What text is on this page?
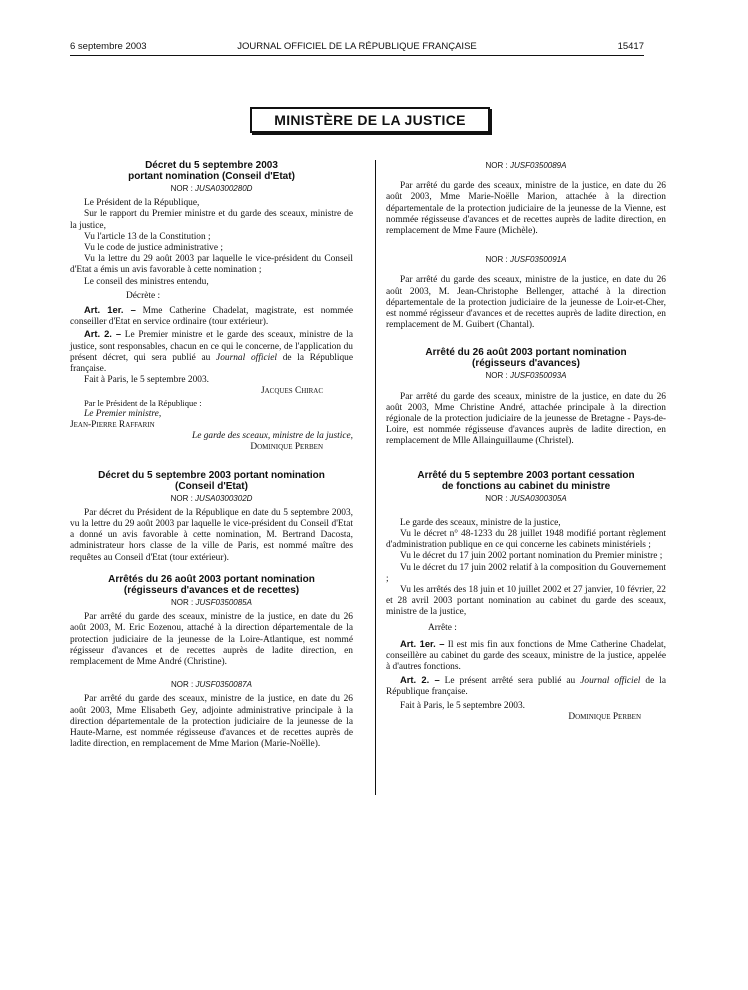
6 septembre 2003	JOURNAL OFFICIEL DE LA RÉPUBLIQUE FRANÇAISE	15417
MINISTÈRE DE LA JUSTICE

Décret du 5 septembre 2003

portant nomination (Conseil d'Etat)

NOR : JUSA0300280D

Le Président de la République,

Sur le rapport du Premier ministre et du garde des sceaux, ministre de la justice,

Vu l'article 13 de la Constitution ;

Vu le code de justice administrative ;

Vu la lettre du 29 août 2003 par laquelle le vice-président du Conseil d'Etat a émis un avis favorable à cette nomination ;

Le conseil des ministres entendu,

Décrète :

Art. 1er. – Mme Catherine Chadelat, magistrate, est nommée conseiller d'Etat en service ordinaire (tour extérieur).

Art. 2. – Le Premier ministre et le garde des sceaux, ministre de la justice, sont responsables, chacun en ce qui le concerne, de l'application du présent décret, qui sera publié au Journal officiel de la République française.

Fait à Paris, le 5 septembre 2003.

Jacques Chirac

Par le Président de la République :

Le Premier ministre,

Jean-Pierre Raffarin

Le garde des sceaux, ministre de la justice,

Dominique Perben

Décret du 5 septembre 2003 portant nomination

(Conseil d'Etat)

NOR : JUSA0300302D

Par décret du Président de la République en date du 5 septembre 2003, vu la lettre du 29 août 2003 par laquelle le vice-président du Conseil d'Etat a donné un avis favorable à cette nomination, M. Bertrand Dacosta, administrateur hors classe de la ville de Paris, est nommé maître des requêtes au Conseil d'Etat (tour extérieur).

Arrêtés du 26 août 2003 portant nomination

(régisseurs d'avances et de recettes)

NOR : JUSF0350085A

Par arrêté du garde des sceaux, ministre de la justice, en date du 26 août 2003, M. Eric Eozenou, attaché à la direction départementale de la protection judiciaire de la jeunesse de la Loire-Atlantique, est nommé régisseur d'avances et de recettes auprès de ladite direction, en remplacement de Mme André (Christine).

NOR : JUSF0350087A

Par arrêté du garde des sceaux, ministre de la justice, en date du 26 août 2003, Mme Elisabeth Gey, adjointe administrative principale à la direction départementale de la protection judiciaire de la jeunesse de la Haute-Marne, est nommée régisseuse d'avances et de recettes auprès de ladite direction, en remplacement de Mme Marion (Marie-Noëlle).

NOR : JUSF0350089A

Par arrêté du garde des sceaux, ministre de la justice, en date du 26 août 2003, Mme Marie-Noëlle Marion, attachée à la direction départementale de la protection judiciaire de la jeunesse de la Vienne, est nommée régisseuse d'avances et de recettes auprès de ladite direction, en remplacement de Mme Faure (Michèle).

NOR : JUSF0350091A

Par arrêté du garde des sceaux, ministre de la justice, en date du 26 août 2003, M. Jean-Christophe Bellenger, attaché à la direction départementale de la protection judiciaire de la jeunesse de Loir-et-Cher, est nommé régisseur d'avances et de recettes auprès de ladite direction, en remplacement de M. Guibert (Chantal).

Arrêté du 26 août 2003 portant nomination

(régisseurs d'avances)

NOR : JUSF0350093A

Par arrêté du garde des sceaux, ministre de la justice, en date du 26 août 2003, Mme Christine André, attachée principale à la direction régionale de la protection judiciaire de la jeunesse de Bretagne - Pays-de-Loire, est nommée régisseuse d'avances auprès de ladite direction, en remplacement de Mlle Allainguillaume (Christel).

Arrêté du 5 septembre 2003 portant cessation

de fonctions au cabinet du ministre

NOR : JUSA0300305A

Le garde des sceaux, ministre de la justice,

Vu le décret n° 48-1233 du 28 juillet 1948 modifié portant règlement d'administration publique en ce qui concerne les cabinets ministériels ;

Vu le décret du 17 juin 2002 portant nomination du Premier ministre ;

Vu le décret du 17 juin 2002 relatif à la composition du Gouvernement ;

Vu les arrêtés des 18 juin et 10 juillet 2002 et 27 janvier, 10 février, 22 et 28 avril 2003 portant nomination au cabinet du garde des sceaux, ministre de la justice,

Arrête :

Art. 1er. – Il est mis fin aux fonctions de Mme Catherine Chadelat, conseillère au cabinet du garde des sceaux, ministre de la justice, appelée à d'autres fonctions.

Art. 2. – Le présent arrêté sera publié au Journal officiel de la République française.

Fait à Paris, le 5 septembre 2003.

Dominique Perben
